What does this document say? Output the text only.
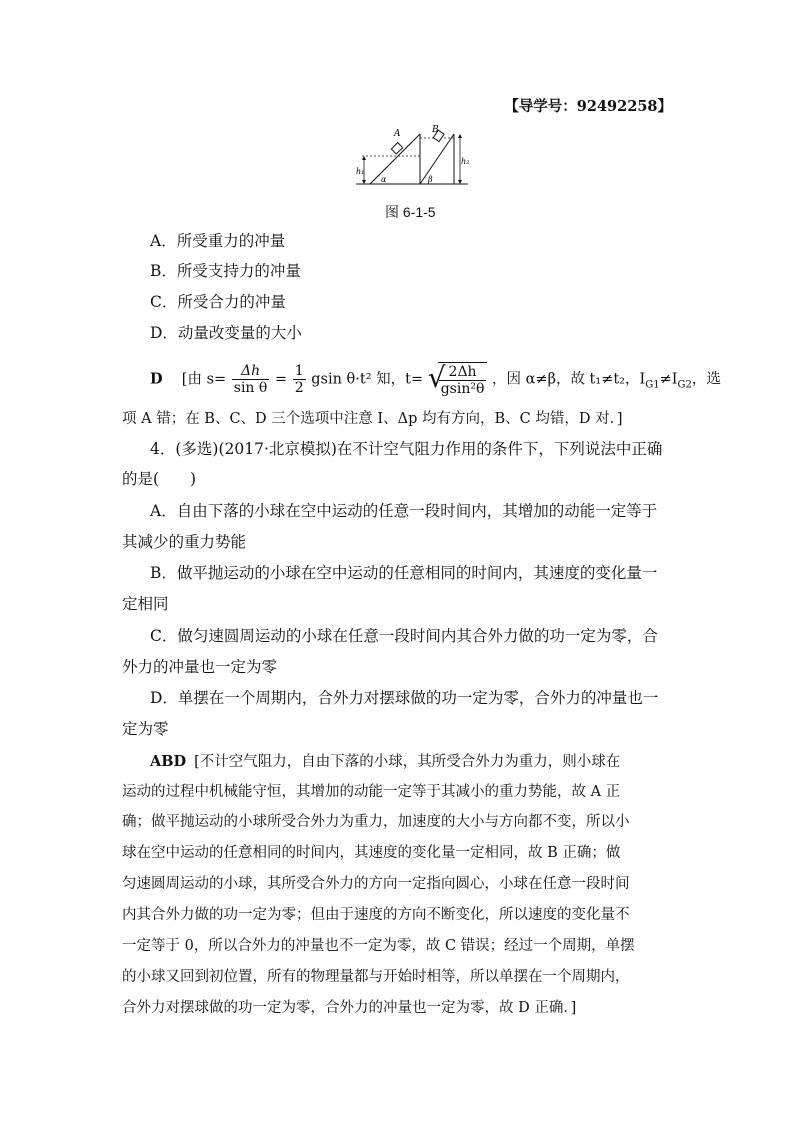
【导学号：92492258】
A	B
h₁
h₂
α	β
图 6-1-5
A．所受重力的冲量
B．所受支持力的冲量
C．所受合力的冲量
D．动量改变量的大小
D [由 $s= \frac{\Delta h}{\text{sin θ}} = \frac{1}{2}$ gsin θ·t² 知，t= √
$\frac{2\Delta h}{\text{gsin²θ}}$ ，因 α≠β，故 t₁≠t₂，$I_{G1}\ne I_{G2}$，选
项 A 错；在 B、C、D 三个选项中注意 I、Δp 均有方向，B、C 均错，D 对．]
4．(多选)(2017·北京模拟)在不计空气阻力作用的条件下，下列说法中正确
的是(　　)
A．自由下落的小球在空中运动的任意一段时间内，其增加的动能一定等于
其减少的重力势能
B．做平抛运动的小球在空中运动的任意相同的时间内，其速度的变化量一
定相同
C．做匀速圆周运动的小球在任意一段时间内其合外力做的功一定为零，合
外力的冲量也一定为零
D．单摆在一个周期内，合外力对摆球做的功一定为零，合外力的冲量也一
定为零
ABD [不计空气阻力，自由下落的小球，其所受合外力为重力，则小球在
运动的过程中机械能守恒，其增加的动能一定等于其减小的重力势能，故 A 正
确；做平抛运动的小球所受合外力为重力，加速度的大小与方向都不变，所以小
球在空中运动的任意相同的时间内，其速度的变化量一定相同，故 B 正确；做
匀速圆周运动的小球，其所受合外力的方向一定指向圆心，小球在任意一段时间
内其合外力做的功一定为零；但由于速度的方向不断变化，所以速度的变化量不
一定等于 0，所以合外力的冲量也不一定为零，故 C 错误；经过一个周期，单摆
的小球又回到初位置，所有的物理量都与开始时相等，所以单摆在一个周期内，
合外力对摆球做的功一定为零，合外力的冲量也一定为零，故 D 正确．]
